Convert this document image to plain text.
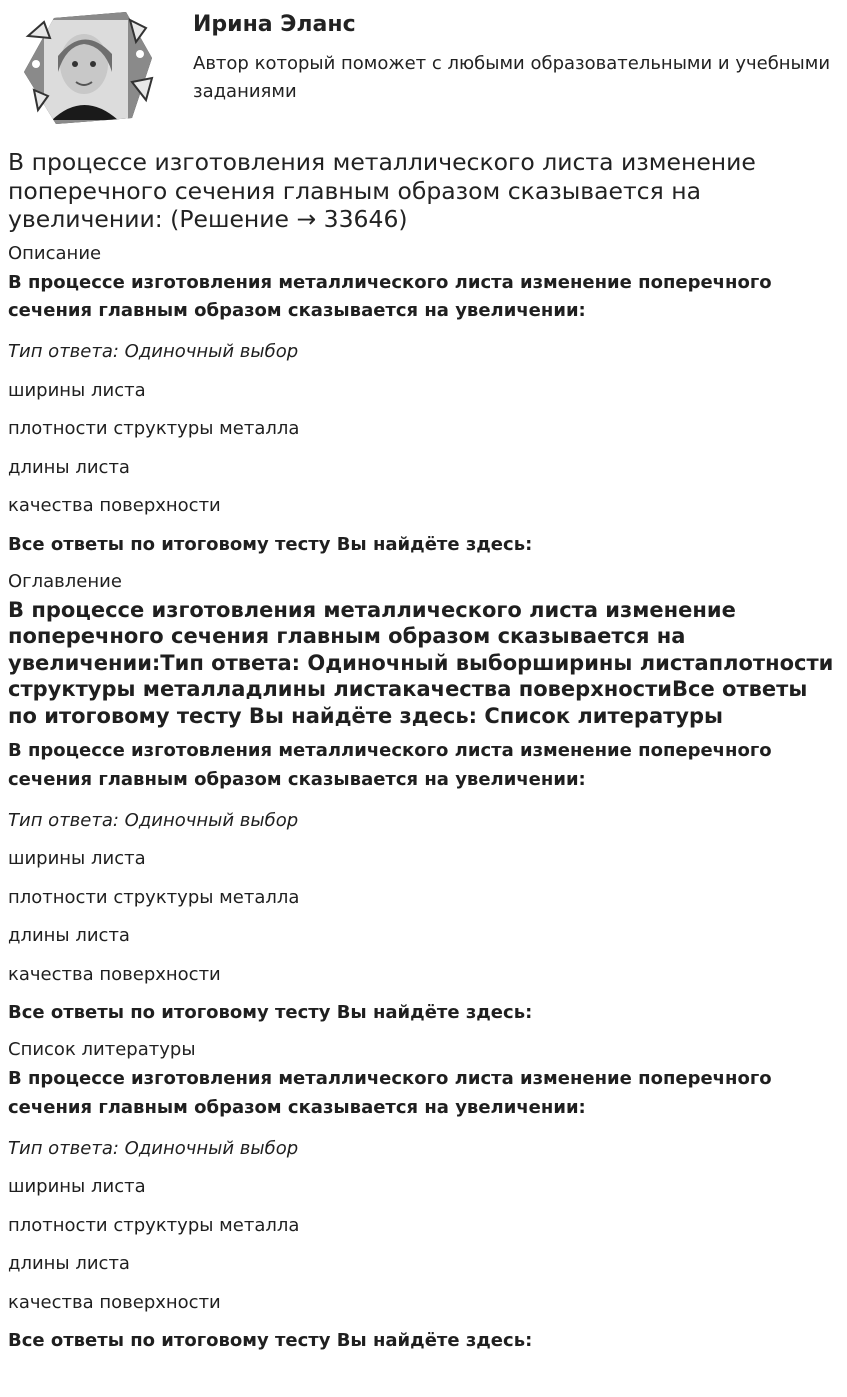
Ирина Эланс
Автор который поможет с любыми образовательными и учебными заданиями
В процессе изготовления металлического листа изменение поперечного сечения главным образом сказывается на увеличении: (Решение → 33646)
Описание
В процессе изготовления металлического листа изменение поперечного сечения главным образом сказывается на увеличении:
Тип ответа: Одиночный выбор
ширины листа
плотности структуры металла
длины листа
качества поверхности
Все ответы по итоговому тесту Вы найдёте здесь:
Оглавление
В процессе изготовления металлического листа изменение поперечного сечения главным образом сказывается на увеличении:Тип ответа: Одиночный выборширины листаплотности структуры металладлины листакачества поверхностиВсе ответы по итоговому тесту Вы найдёте здесь: Список литературы
В процессе изготовления металлического листа изменение поперечного сечения главным образом сказывается на увеличении:
Тип ответа: Одиночный выбор
ширины листа
плотности структуры металла
длины листа
качества поверхности
Все ответы по итоговому тесту Вы найдёте здесь:
Список литературы
В процессе изготовления металлического листа изменение поперечного сечения главным образом сказывается на увеличении:
Тип ответа: Одиночный выбор
ширины листа
плотности структуры металла
длины листа
качества поверхности
Все ответы по итоговому тесту Вы найдёте здесь:
